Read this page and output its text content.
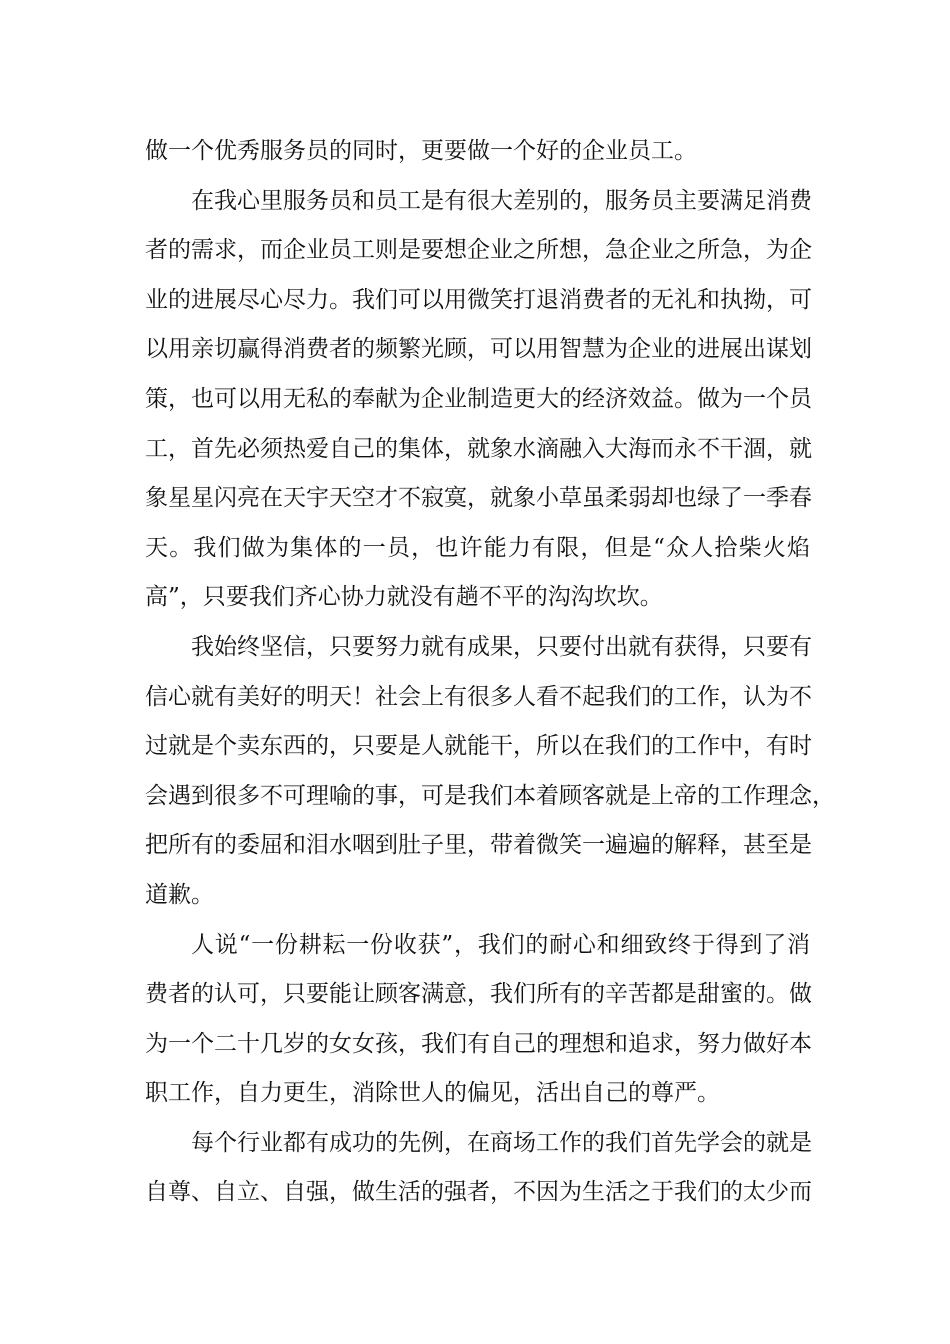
做一个优秀服务员的同时，更要做一个好的企业员工。
在我心里服务员和员工是有很大差别的，服务员主要满足消费
者的需求，而企业员工则是要想企业之所想，急企业之所急，为企
业的进展尽心尽力。我们可以用微笑打退消费者的无礼和执拗，可
以用亲切赢得消费者的频繁光顾，可以用智慧为企业的进展出谋划
策，也可以用无私的奉献为企业制造更大的经济效益。做为一个员
工，首先必须热爱自己的集体，就象水滴融入大海而永不干涸，就
象星星闪亮在天宇天空才不寂寞，就象小草虽柔弱却也绿了一季春
天。我们做为集体的一员，也许能力有限，但是“众人拾柴火焰
高”，只要我们齐心协力就没有趟不平的沟沟坎坎。
我始终坚信，只要努力就有成果，只要付出就有获得，只要有
信心就有美好的明天！社会上有很多人看不起我们的工作，认为不
过就是个卖东西的，只要是人就能干，所以在我们的工作中，有时
会遇到很多不可理喻的事，可是我们本着顾客就是上帝的工作理念，
把所有的委屈和泪水咽到肚子里，带着微笑一遍遍的解释，甚至是
道歉。
人说“一份耕耘一份收获”，我们的耐心和细致终于得到了消
费者的认可，只要能让顾客满意，我们所有的辛苦都是甜蜜的。做
为一个二十几岁的女女孩，我们有自己的理想和追求，努力做好本
职工作，自力更生，消除世人的偏见，活出自己的尊严。
每个行业都有成功的先例，在商场工作的我们首先学会的就是
自尊、自立、自强，做生活的强者，不因为生活之于我们的太少而
